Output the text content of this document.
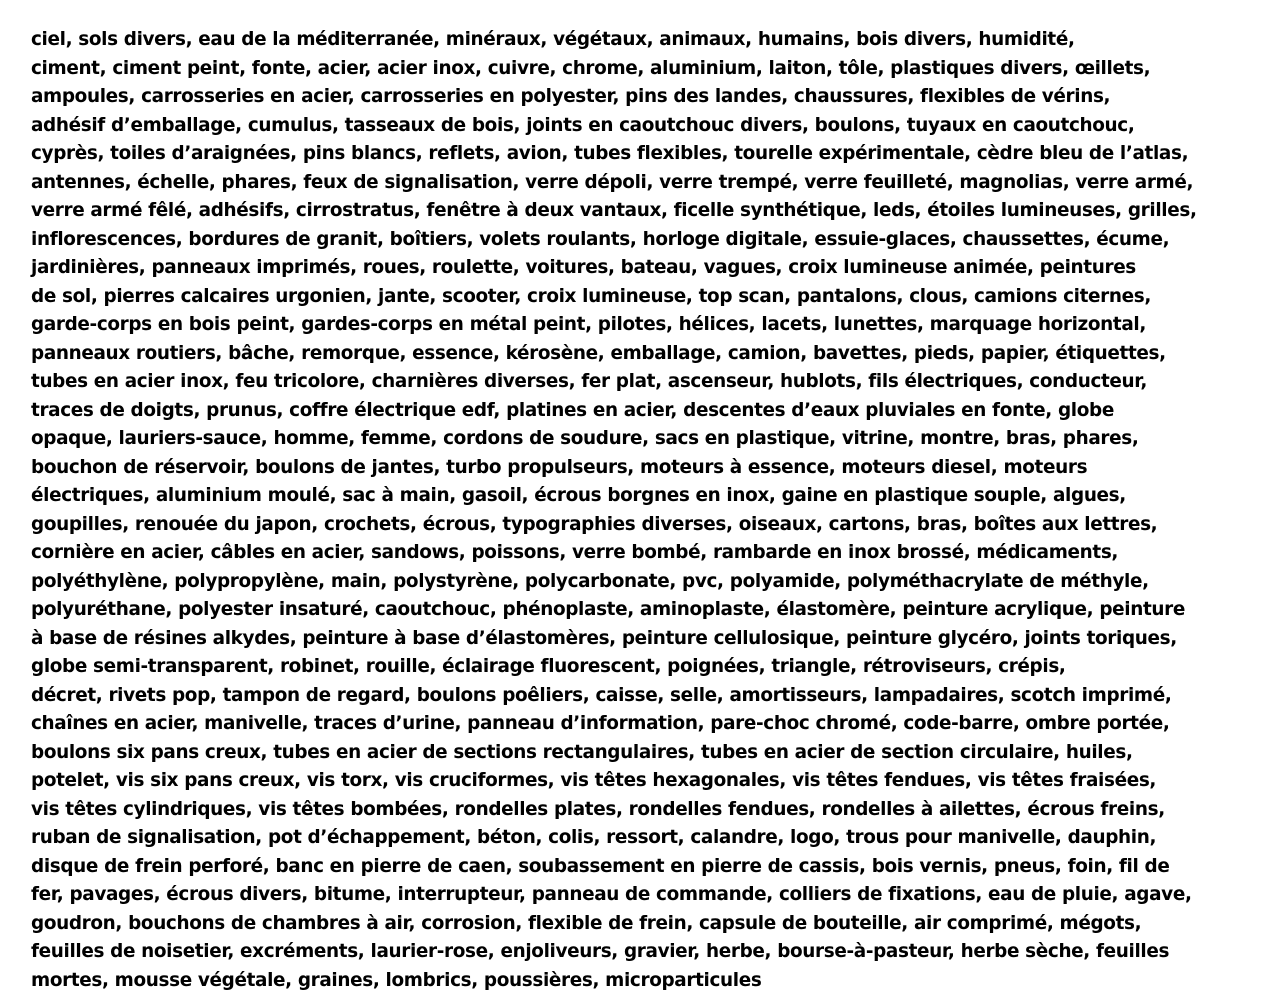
ciel, sols divers, eau de la méditerranée, minéraux, végétaux, animaux, humains, bois divers, humidité,
ciment, ciment peint, fonte, acier, acier inox, cuivre, chrome, aluminium, laiton, tôle, plastiques divers, œillets,
ampoules, carrosseries en acier, carrosseries en polyester, pins des landes, chaussures, flexibles de vérins,
adhésif d’emballage, cumulus, tasseaux de bois, joints en caoutchouc divers, boulons, tuyaux en caoutchouc,
cyprès, toiles d’araignées, pins blancs, reflets, avion, tubes flexibles, tourelle expérimentale, cèdre bleu de l’atlas,
antennes, échelle, phares, feux de signalisation, verre dépoli, verre trempé, verre feuilleté, magnolias, verre armé,
verre armé fêlé, adhésifs, cirrostratus, fenêtre à deux vantaux, ficelle synthétique, leds, étoiles lumineuses, grilles,
inflorescences, bordures de granit, boîtiers, volets roulants, horloge digitale, essuie-glaces, chaussettes, écume,
jardinières, panneaux imprimés, roues, roulette, voitures, bateau, vagues, croix lumineuse animée, peintures
de sol, pierres calcaires urgonien, jante, scooter, croix lumineuse, top scan, pantalons, clous, camions citernes,
garde-corps en bois peint, gardes-corps en métal peint, pilotes, hélices, lacets, lunettes, marquage horizontal,
panneaux routiers, bâche, remorque, essence, kérosène, emballage, camion, bavettes, pieds, papier, étiquettes,
tubes en acier inox, feu tricolore, charnières diverses, fer plat, ascenseur, hublots, fils électriques, conducteur,
traces de doigts, prunus, coffre électrique edf, platines en acier, descentes d’eaux pluviales en fonte, globe
opaque, lauriers-sauce, homme, femme, cordons de soudure, sacs en plastique, vitrine, montre, bras, phares,
bouchon de réservoir, boulons de jantes, turbo propulseurs, moteurs à essence, moteurs diesel, moteurs
électriques, aluminium moulé, sac à main, gasoil, écrous borgnes en inox, gaine en plastique souple, algues,
goupilles, renouée du japon, crochets, écrous, typographies diverses, oiseaux, cartons, bras, boîtes aux lettres,
cornière en acier, câbles en acier, sandows, poissons, verre bombé, rambarde en inox brossé, médicaments,
polyéthylène, polypropylène, main, polystyrène, polycarbonate, pvc, polyamide, polyméthacrylate de méthyle,
polyuréthane, polyester insaturé, caoutchouc, phénoplaste, aminoplaste, élastomère, peinture acrylique, peinture
à base de résines alkydes, peinture à base d’élastomères, peinture cellulosique, peinture glycéro, joints toriques,
globe semi-transparent, robinet, rouille, éclairage fluorescent, poignées, triangle, rétroviseurs, crépis,
décret, rivets pop, tampon de regard, boulons poêliers, caisse, selle, amortisseurs, lampadaires, scotch imprimé,
chaînes en acier, manivelle, traces d’urine, panneau d’information, pare-choc chromé, code-barre, ombre portée,
boulons six pans creux, tubes en acier de sections rectangulaires, tubes en acier de section circulaire, huiles,
potelet, vis six pans creux, vis torx, vis cruciformes, vis têtes hexagonales, vis têtes fendues, vis têtes fraisées,
vis têtes cylindriques, vis têtes bombées, rondelles plates, rondelles fendues, rondelles à ailettes, écrous freins,
ruban de signalisation, pot d’échappement, béton, colis, ressort, calandre, logo, trous pour manivelle, dauphin,
disque de frein perforé, banc en pierre de caen, soubassement en pierre de cassis, bois vernis, pneus, foin, fil de
fer, pavages, écrous divers, bitume, interrupteur, panneau de commande, colliers de fixations, eau de pluie, agave,
goudron, bouchons de chambres à air, corrosion, flexible de frein, capsule de bouteille, air comprimé, mégots,
feuilles de noisetier, excréments, laurier-rose, enjoliveurs, gravier, herbe, bourse-à-pasteur, herbe sèche, feuilles
mortes, mousse végétale, graines, lombrics, poussières, microparticules
